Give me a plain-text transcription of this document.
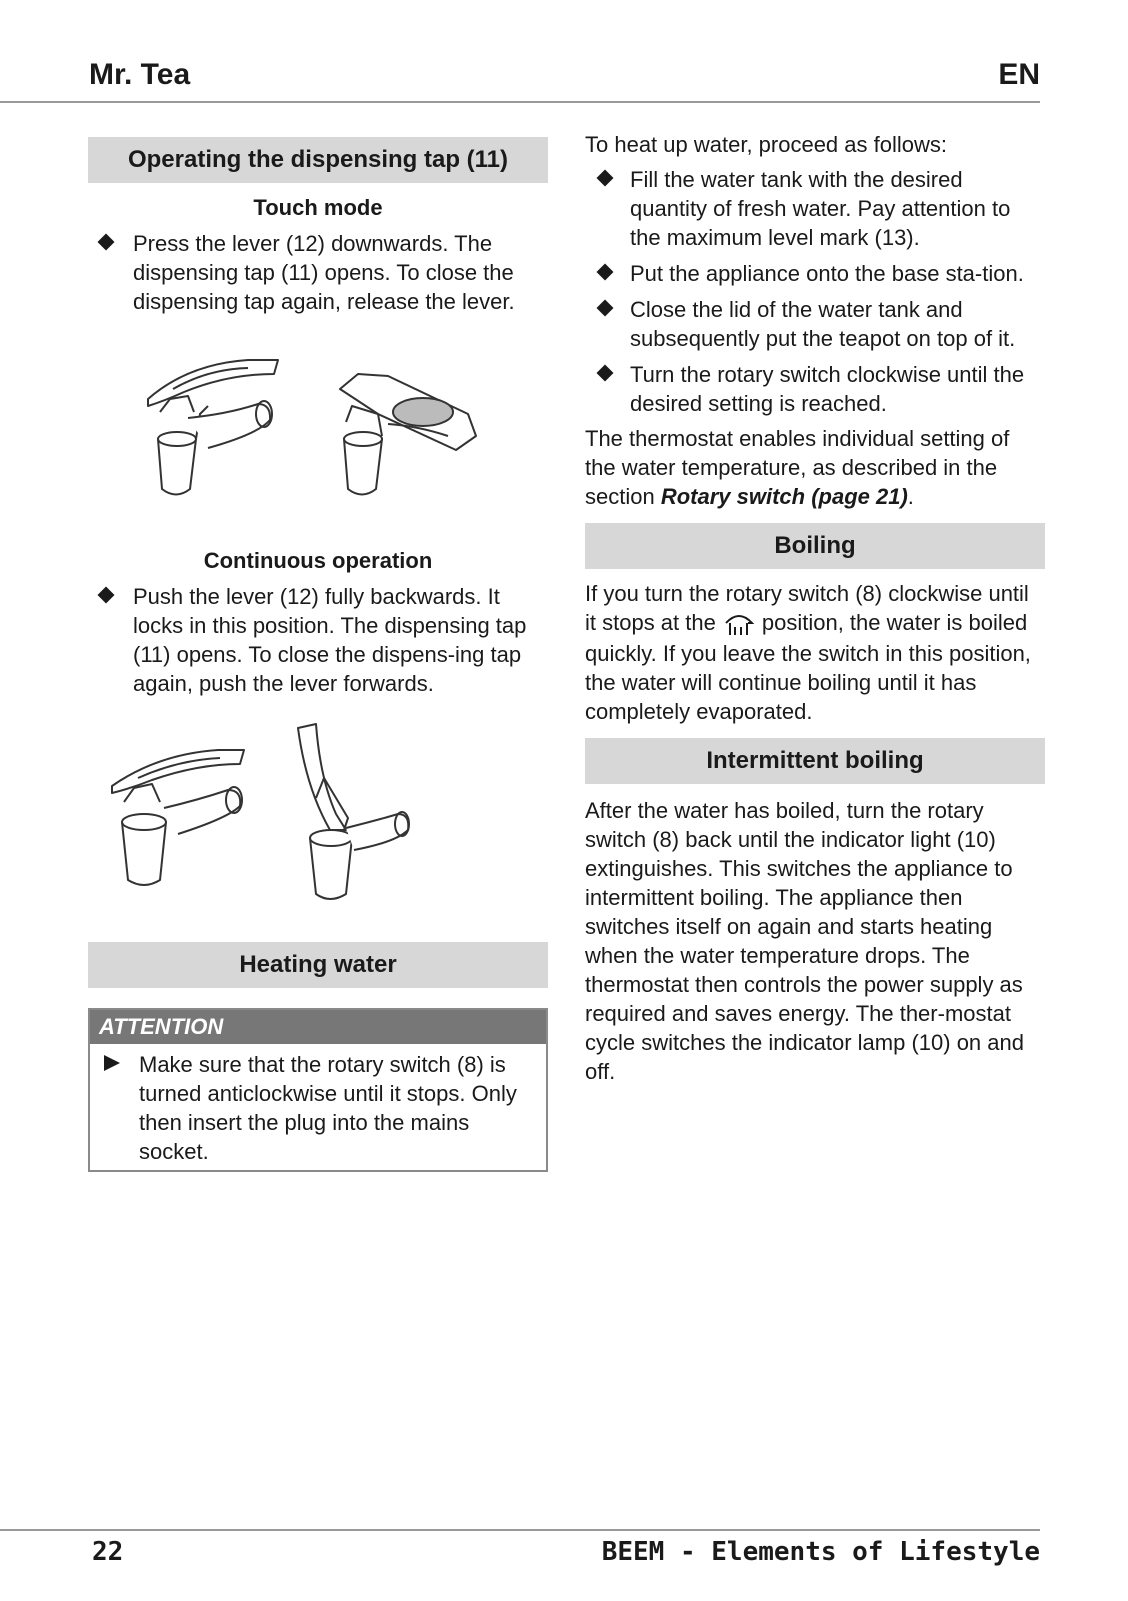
Mr. Tea	EN
Operating the dispensing tap (11)
Touch mode
Press the lever (12) downwards. The dispensing tap (11) opens. To close the dispensing tap again, release the lever.
Continuous operation
Push the lever (12) fully backwards. It locks in this position. The dispensing tap (11) opens. To close the dispens-ing tap again, push the lever forwards.
Heating water
ATTENTION
Make sure that the rotary switch (8) is turned anticlockwise until it stops. Only then insert the plug into the mains socket.

To heat up water, proceed as follows:

Fill the water tank with the desired quantity of fresh water. Pay attention to the maximum level mark (13).
Put the appliance onto the base sta-tion.
Close the lid of the water tank and subsequently put the teapot on top of it.
Turn the rotary switch clockwise until the desired setting is reached.

The thermostat enables individual setting of the water temperature, as described in the section Rotary switch (page 21).

Boiling

If you turn the rotary switch (8) clockwise until it stops at the position, the water is boiled quickly. If you leave the switch in this position, the water will continue boiling until it has completely evaporated.

Intermittent boiling

After the water has boiled, turn the rotary switch (8) back until the indicator light (10) extinguishes. This switches the appliance to intermittent boiling. The appliance then switches itself on again and starts heating when the water temperature drops. The thermostat then controls the power supply as required and saves energy. The ther-mostat cycle switches the indicator lamp (10) on and off.

22	BEEM - Elements of Lifestyle
